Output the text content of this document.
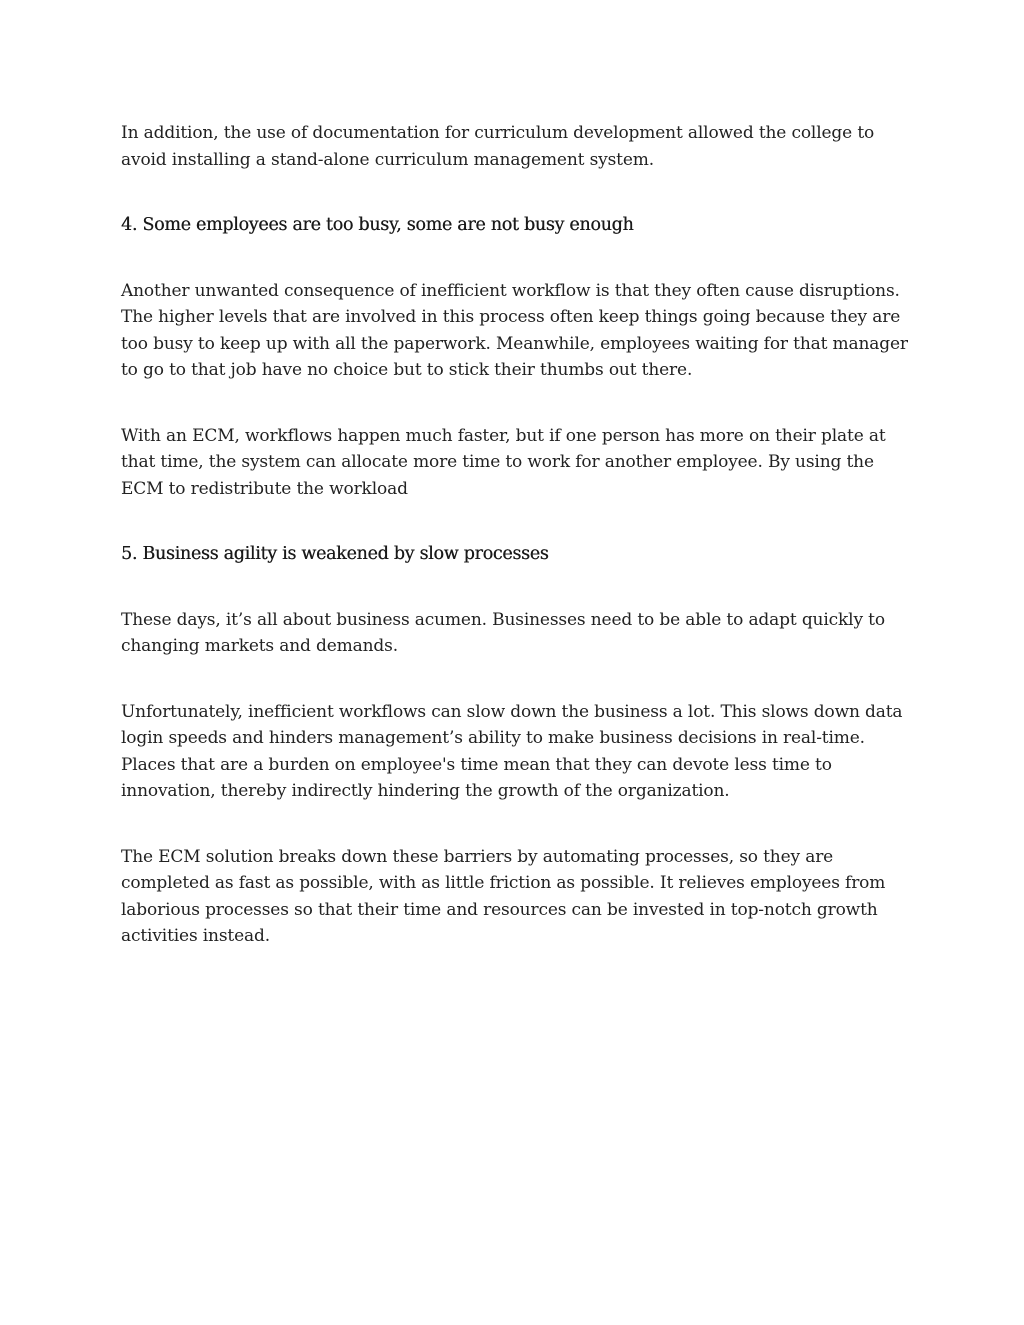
In addition, the use of documentation for curriculum development allowed the college to avoid installing a stand-alone curriculum management system.

4. Some employees are too busy, some are not busy enough

Another unwanted consequence of inefficient workflow is that they often cause disruptions. The higher levels that are involved in this process often keep things going because they are too busy to keep up with all the paperwork. Meanwhile, employees waiting for that manager to go to that job have no choice but to stick their thumbs out there.

With an ECM, workflows happen much faster, but if one person has more on their plate at that time, the system can allocate more time to work for another employee. By using the ECM to redistribute the workload

5. Business agility is weakened by slow processes

These days, it’s all about business acumen. Businesses need to be able to adapt quickly to changing markets and demands.

Unfortunately, inefficient workflows can slow down the business a lot. This slows down data login speeds and hinders management’s ability to make business decisions in real-time. Places that are a burden on employee's time mean that they can devote less time to innovation, thereby indirectly hindering the growth of the organization.

The ECM solution breaks down these barriers by automating processes, so they are completed as fast as possible, with as little friction as possible. It relieves employees from laborious processes so that their time and resources can be invested in top-notch growth activities instead.
